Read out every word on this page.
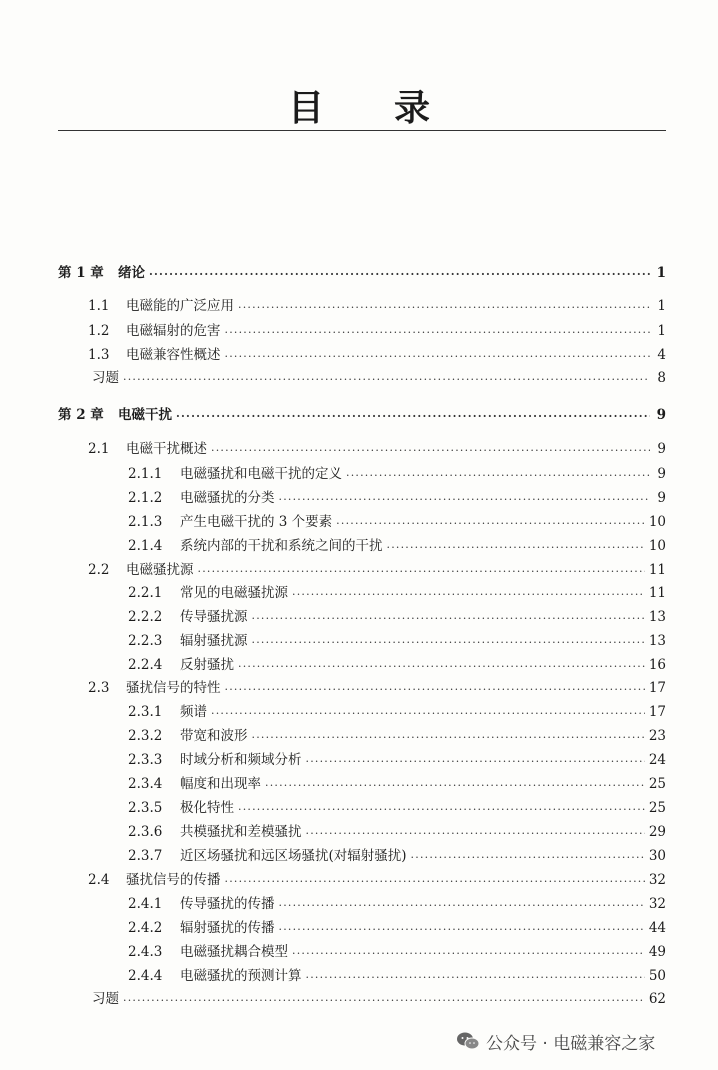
目 录
第 1 章	绪论 ·····	1
1.1	电磁能的广泛应用 ·····	1
1.2	电磁辐射的危害 ·····	1
1.3	电磁兼容性概述 ·····	4
习题 ·····	8
第 2 章	电磁干扰 ·····	9
2.1	电磁干扰概述 ·····	9
2.1.1	电磁骚扰和电磁干扰的定义 ·····	9
2.1.2	电磁骚扰的分类 ·····	9
2.1.3	产生电磁干扰的 3 个要素 ·····	10
2.1.4	系统内部的干扰和系统之间的干扰 ·····	10
2.2	电磁骚扰源 ·····	11
2.2.1	常见的电磁骚扰源 ·····	11
2.2.2	传导骚扰源 ·····	13
2.2.3	辐射骚扰源 ·····	13
2.2.4	反射骚扰 ·····	16
2.3	骚扰信号的特性 ·····	17
2.3.1	频谱 ·····	17
2.3.2	带宽和波形 ·····	23
2.3.3	时域分析和频域分析 ·····	24
2.3.4	幅度和出现率 ·····	25
2.3.5	极化特性 ·····	25
2.3.6	共模骚扰和差模骚扰 ·····	29
2.3.7	近区场骚扰和远区场骚扰(对辐射骚扰) ·····	30
2.4	骚扰信号的传播 ·····	32
2.4.1	传导骚扰的传播 ·····	32
2.4.2	辐射骚扰的传播 ·····	44
2.4.3	电磁骚扰耦合模型 ·····	49
2.4.4	电磁骚扰的预测计算 ·····	50
习题 ·····	62
公众号 · 电磁兼容之家
